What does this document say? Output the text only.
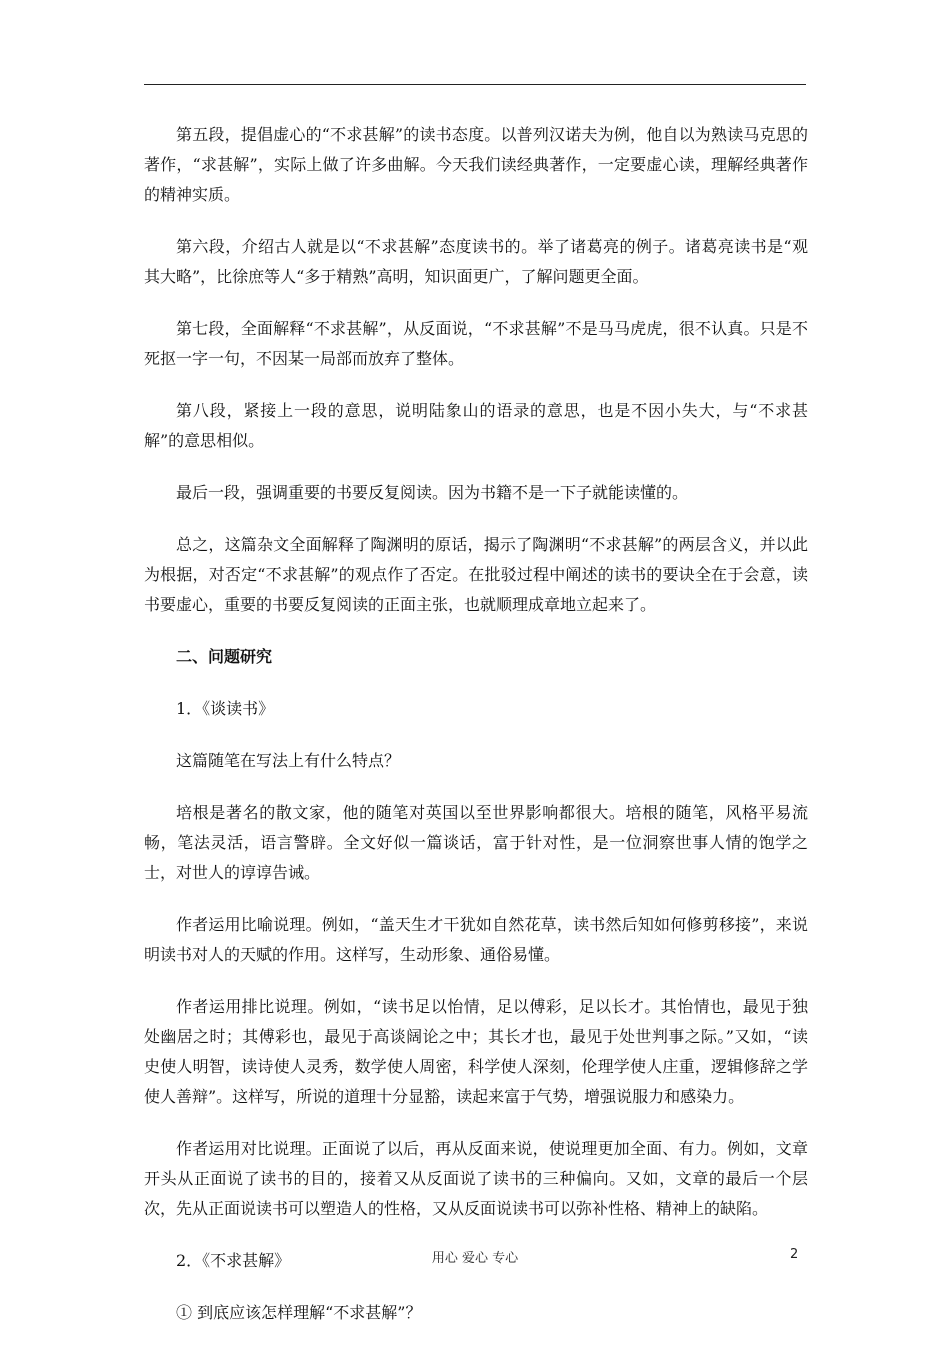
第五段，提倡虚心的“不求甚解”的读书态度。以普列汉诺夫为例，他自以为熟读马克思的著作，“求甚解”，实际上做了许多曲解。今天我们读经典著作，一定要虚心读，理解经典著作的精神实质。

第六段，介绍古人就是以“不求甚解”态度读书的。举了诸葛亮的例子。诸葛亮读书是“观其大略”，比徐庶等人“多于精熟”高明，知识面更广，了解问题更全面。

第七段，全面解释“不求甚解”，从反面说，“不求甚解”不是马马虎虎，很不认真。只是不死抠一字一句，不因某一局部而放弃了整体。

第八段，紧接上一段的意思，说明陆象山的语录的意思，也是不因小失大，与“不求甚解”的意思相似。

最后一段，强调重要的书要反复阅读。因为书籍不是一下子就能读懂的。

总之，这篇杂文全面解释了陶渊明的原话，揭示了陶渊明“不求甚解”的两层含义，并以此为根据，对否定“不求甚解”的观点作了否定。在批驳过程中阐述的读书的要诀全在于会意，读书要虚心，重要的书要反复阅读的正面主张，也就顺理成章地立起来了。

二、问题研究

1．《谈读书》

这篇随笔在写法上有什么特点？

培根是著名的散文家，他的随笔对英国以至世界影响都很大。培根的随笔，风格平易流畅，笔法灵活，语言警辟。全文好似一篇谈话，富于针对性，是一位洞察世事人情的饱学之士，对世人的谆谆告诫。

作者运用比喻说理。例如，“盖天生才干犹如自然花草，读书然后知如何修剪移接”，来说明读书对人的天赋的作用。这样写，生动形象、通俗易懂。

作者运用排比说理。例如，“读书足以怡情，足以傅彩，足以长才。其怡情也，最见于独处幽居之时；其傅彩也，最见于高谈阔论之中；其长才也，最见于处世判事之际。”又如，“读史使人明智，读诗使人灵秀，数学使人周密，科学使人深刻，伦理学使人庄重，逻辑修辞之学使人善辩”。这样写，所说的道理十分显豁，读起来富于气势，增强说服力和感染力。

作者运用对比说理。正面说了以后，再从反面来说，使说理更加全面、有力。例如，文章开头从正面说了读书的目的，接着又从反面说了读书的三种偏向。又如，文章的最后一个层次，先从正面说读书可以塑造人的性格，又从反面说读书可以弥补性格、精神上的缺陷。

2．《不求甚解》

① 到底应该怎样理解“不求甚解”？

用心 爱心 专心	2
